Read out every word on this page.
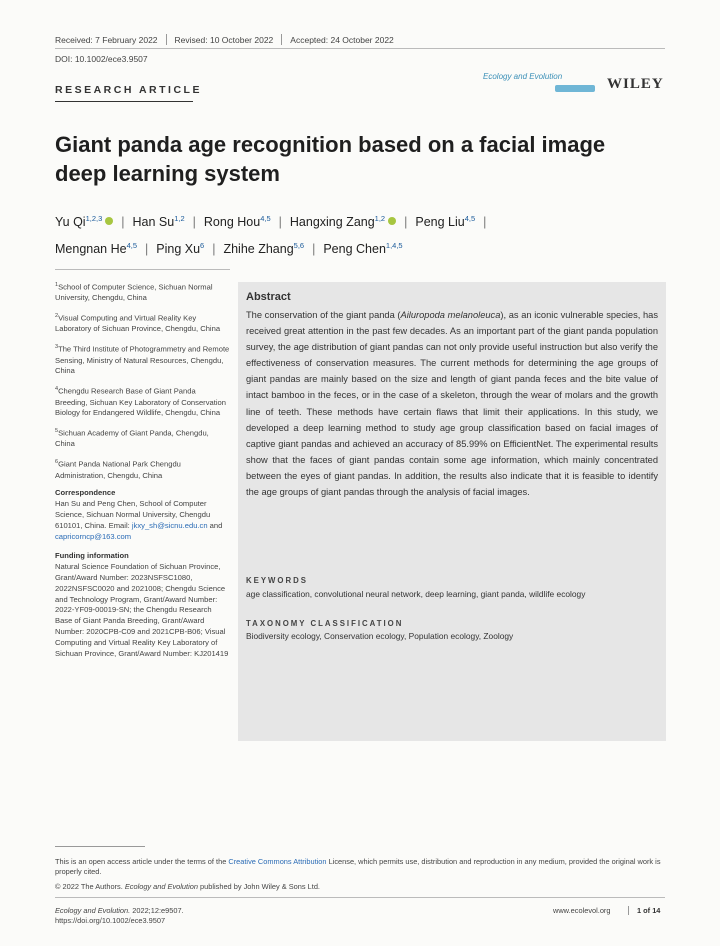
Received: 7 February 2022 Revised: 10 October 2022 Accepted: 24 October 2022
DOI: 10.1002/ece3.9507
RESEARCH ARTICLE
Ecology and Evolution	WILEY
Giant panda age recognition based on a facial image deep learning system
Yu Qi$^{1,2,3}$ | Han Su$^{1,2}$ | Rong Hou$^{4,5}$ | Hangxing Zang$^{1,2}$ | Peng Liu$^{4,5}$ |
Mengnan He$^{4,5}$ | Ping Xu$^6$ | Zhihe Zhang$^{5,6}$ | Peng Chen$^{1,4,5}$
$^1$School of Computer Science, Sichuan Normal University, Chengdu, China
$^2$Visual Computing and Virtual Reality Key Laboratory of Sichuan Province, Chengdu, China
$^3$The Third Institute of Photogrammetry and Remote Sensing, Ministry of Natural Resources, Chengdu, China
$^4$Chengdu Research Base of Giant Panda Breeding, Sichuan Key Laboratory of Conservation Biology for Endangered Wildlife, Chengdu, China
$^5$Sichuan Academy of Giant Panda, Chengdu, China
$^6$Giant Panda National Park Chengdu Administration, Chengdu, China
Correspondence
Han Su and Peng Chen, School of Computer Science, Sichuan Normal University, Chengdu 610101, China. Email: jkxy_sh@sicnu.edu.cn and capricorncp@163.com
Funding information
Natural Science Foundation of Sichuan Province, Grant/Award Number: 2023NSFSC1080, 2022NSFSC0020 and 2021008; Chengdu Science and Technology Program, Grant/Award Number: 2022-YF09-00019-SN; the Chengdu Research Base of Giant Panda Breeding, Grant/Award Number: 2020CPB-C09 and 2021CPB-B06; Visual Computing and Virtual Reality Key Laboratory of Sichuan Province, Grant/Award Number: KJ201419
Abstract
The conservation of the giant panda (Ailuropoda melanoleuca), as an iconic vulnerable species, has received great attention in the past few decades. As an important part of the giant panda population survey, the age distribution of giant pandas can not only provide useful instruction but also verify the effectiveness of conservation measures. The current methods for determining the age groups of giant pandas are mainly based on the size and length of giant panda feces and the bite value of intact bamboo in the feces, or in the case of a skeleton, through the wear of molars and the growth line of teeth. These methods have certain flaws that limit their applications. In this study, we developed a deep learning method to study age group classification based on facial images of captive giant pandas and achieved an accuracy of 85.99% on EfficientNet. The experimental results show that the faces of giant pandas contain some age information, which mainly concentrated between the eyes of giant pandas. In addition, the results also indicate that it is feasible to identify the age groups of giant pandas through the analysis of facial images.
KEYWORDS
age classification, convolutional neural network, deep learning, giant panda, wildlife ecology
TAXONOMY CLASSIFICATION
Biodiversity ecology, Conservation ecology, Population ecology, Zoology
This is an open access article under the terms of the Creative Commons Attribution License, which permits use, distribution and reproduction in any medium, provided the original work is properly cited.
© 2022 The Authors. Ecology and Evolution published by John Wiley & Sons Ltd.
Ecology and Evolution. 2022;12:e9507.
https://doi.org/10.1002/ece3.9507
www.ecolevol.org	1 of 14
